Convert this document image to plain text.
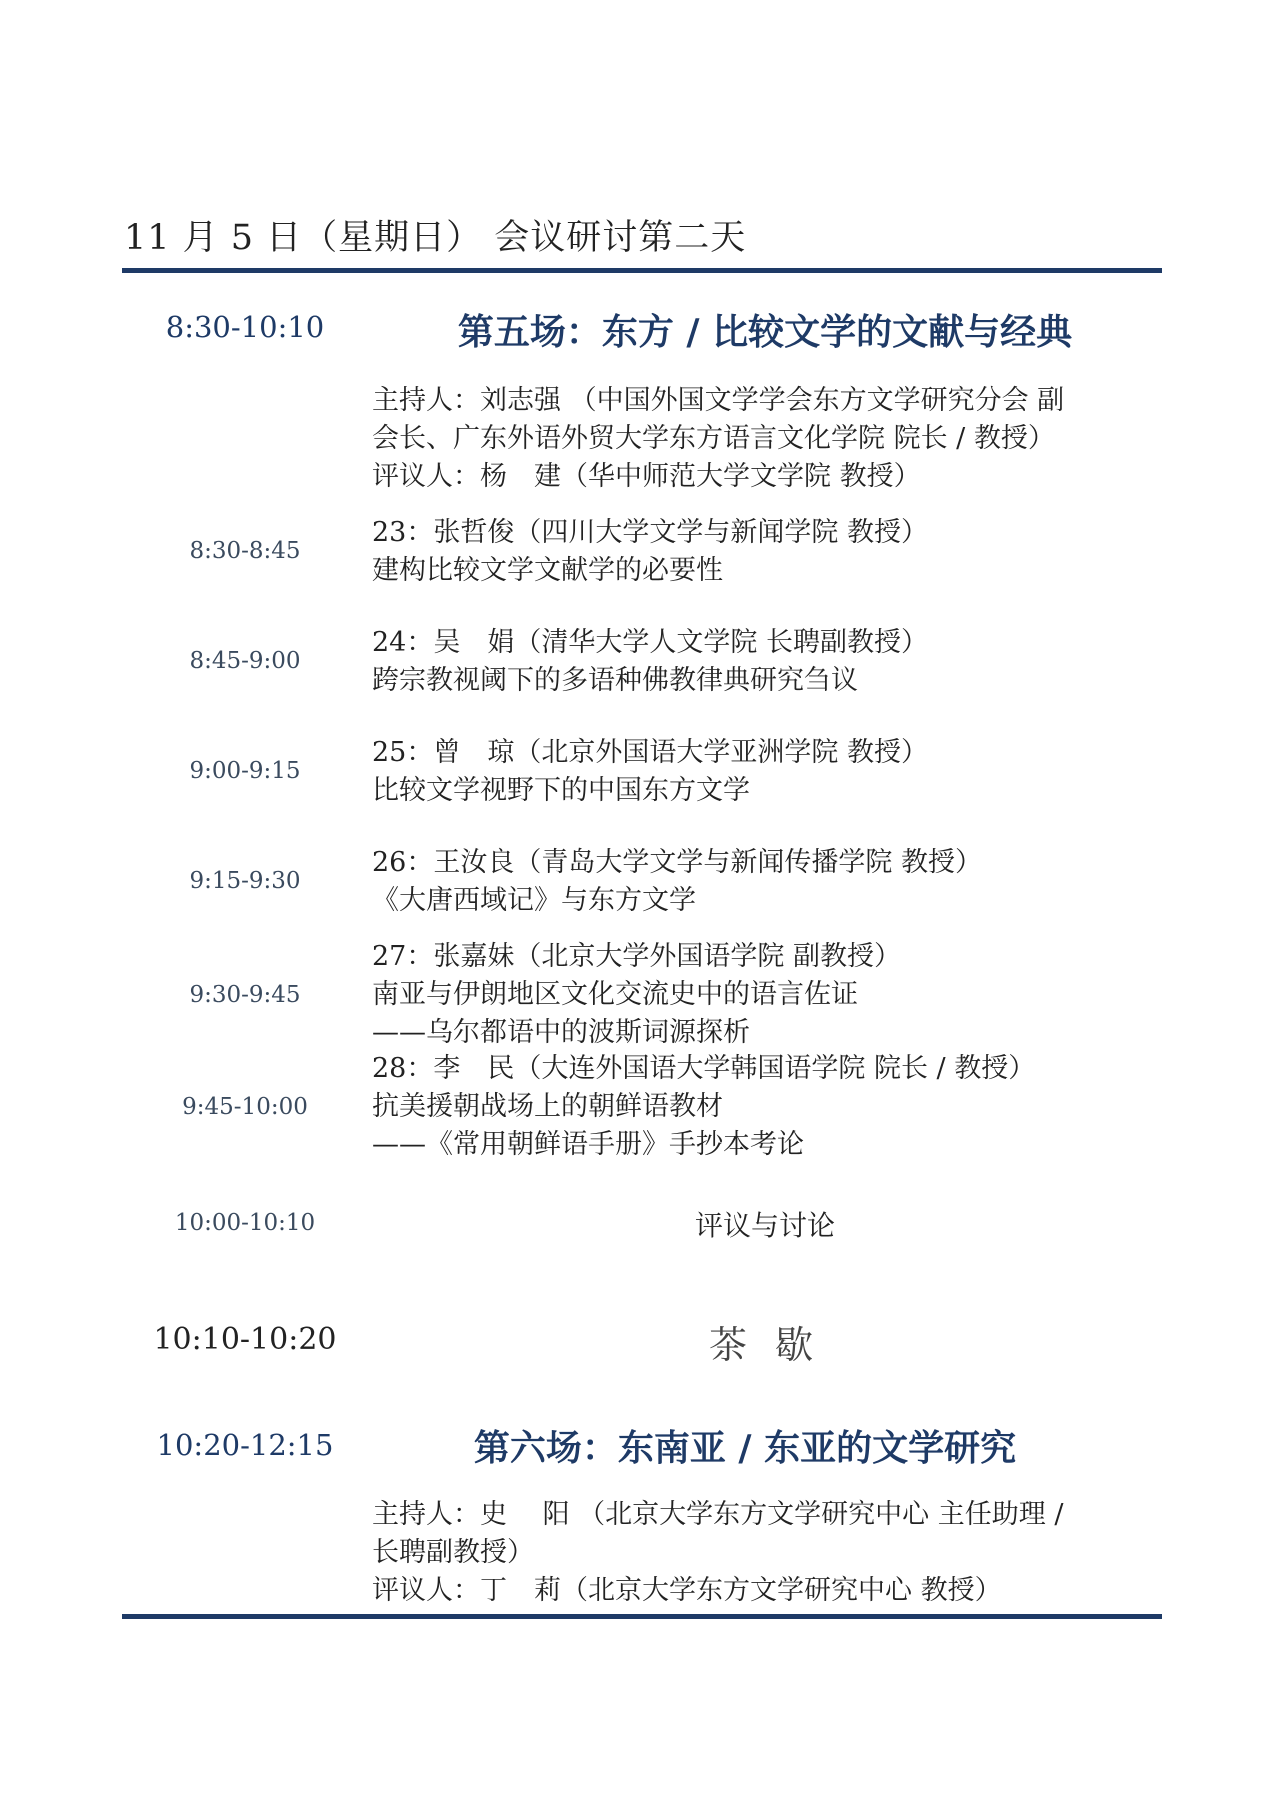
11 月 5 日（星期日） 会议研讨第二天
8:30-10:10	第五场：东方 / 比较文学的文献与经典

主持人：刘志强 （中国外国文学学会东方文学研究分会 副

会长、广东外语外贸大学东方语言文化学院 院长 / 教授）

评议人：杨　建（华中师范大学文学院 教授）

8:30-8:45
23：张哲俊（四川大学文学与新闻学院 教授）
建构比较文学文献学的必要性
8:45-9:00
24：吴　娟（清华大学人文学院 长聘副教授）
跨宗教视阈下的多语种佛教律典研究刍议
9:00-9:15
25：曾　琼（北京外国语大学亚洲学院 教授）
比较文学视野下的中国东方文学
9:15-9:30
26：王汝良（青岛大学文学与新闻传播学院 教授）
《大唐西域记》与东方文学
9:30-9:45
27：张嘉妹（北京大学外国语学院 副教授）
南亚与伊朗地区文化交流史中的语言佐证
——乌尔都语中的波斯词源探析
9:45-10:00
28：李　民（大连外国语大学韩国语学院 院长 / 教授）
抗美援朝战场上的朝鲜语教材
——《常用朝鲜语手册》手抄本考论
10:00-10:10	评议与讨论
10:10-10:20	茶 歇
10:20-12:15	第六场：东南亚 / 东亚的文学研究

主持人：史　 阳 （北京大学东方文学研究中心 主任助理 /

长聘副教授）

评议人：丁　莉（北京大学东方文学研究中心 教授）
